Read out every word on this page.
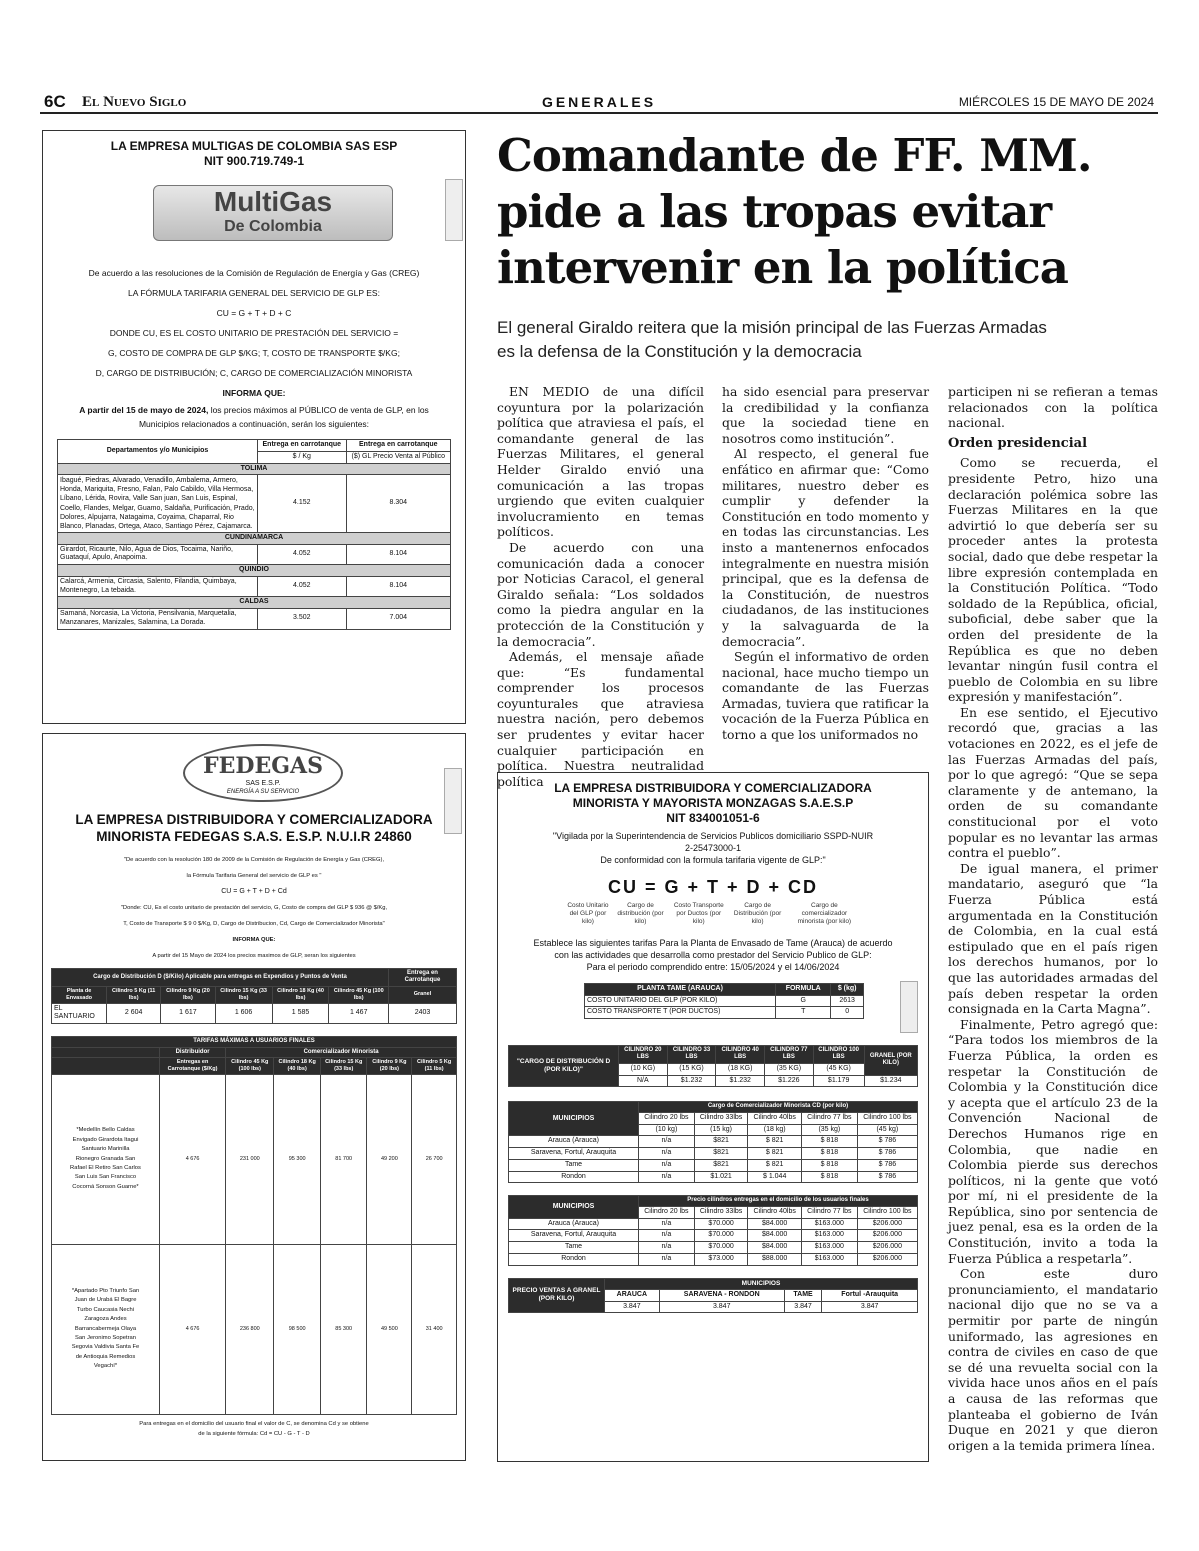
6C El Nuevo Siglo	GENERALES	MIÉRCOLES 15 DE MAYO DE 2024
LA EMPRESA MULTIGAS DE COLOMBIA SAS ESP
NIT 900.719.749-1
MultiGas
De Colombia
De acuerdo a las resoluciones de la Comisión de Regulación de Energía y Gas (CREG)
LA FÓRMULA TARIFARIA GENERAL DEL SERVICIO DE GLP ES:
CU = G + T + D + C
DONDE CU, ES EL COSTO UNITARIO DE PRESTACIÓN DEL SERVICIO =
G, COSTO DE COMPRA DE GLP $/KG; T, COSTO DE TRANSPORTE $/KG;
D, CARGO DE DISTRIBUCIÓN; C, CARGO DE COMERCIALIZACIÓN MINORISTA
INFORMA QUE:
A partir del 15 de mayo de 2024, los precios máximos al PÚBLICO de venta de GLP, en los Municipios relacionados a continuación, serán los siguientes:
Departamentos y/o Municipios	Entrega en carrotanque	Entrega en carrotanque
	$ / Kg	($) GL Precio Venta al Público
TOLIMA		
Ibagué, Piedras, Alvarado, Venadillo, Ambalema, Armero, Honda, Mariquita, Fresno, Falan, Palo Cabildo, Villa Hermosa, Líbano, Lérida, Rovira, Valle San juan, San Luis, Espinal, Coello, Flandes, Melgar, Guamo, Saldaña, Purificación, Prado, Dolores, Alpujarra, Natagaima, Coyaima, Chaparral, Rio Blanco, Planadas, Ortega, Ataco, Santiago Pérez, Cajamarca.	4.152	8.304
CUNDINAMARCA		
Girardot, Ricaurte, Nilo, Agua de Dios, Tocaima, Nariño, Guataquí, Apulo, Anapoima.	4.052	8.104
QUINDIO		
Calarcá, Armenia, Circasia, Salento, Filandia, Quimbaya, Montenegro, La tebaida.	4.052	8.104
CALDAS		
Samaná, Norcasia, La Victoria, Pensilvania, Marquetalia, Manzanares, Manizales, Salamina, La Dorada.	3.502	7.004
FEDEGAS
SAS E.S.P.
ENERGÍA A SU SERVICIO
LA EMPRESA DISTRIBUIDORA Y COMERCIALIZADORA
MINORISTA FEDEGAS S.A.S. E.S.P. N.U.I.R 24860
"De acuerdo con la resolución 180 de 2009 de la Comisión de Regulación de Energía y Gas (CREG),
la Fórmula Tarifaria General del servicio de GLP es "
CU = G + T + D + Cd
"Donde: CU, Es el costo unitario de prestación del servicio, G, Costo de compra del GLP $ 936 @ $/Kg,
T, Costo de Transporte $ 9 0 $/Kg, D, Cargo de Distribucion, Cd, Cargo de Comercializador Minorista"
INFORMA QUE:
A partir del 15 Mayo de 2024 los precios maximos de GLP, seran los siguientes
Cargo de Distribución D ($/Kilo) Aplicable para entregas en Expendios y Puntos de Venta						Entrega en Carrotanque
Planta de Envasado	Cilindro 5 Kg (11 lbs)	Cilindro 9 Kg (20 lbs)	Cilindro 15 Kg (33 lbs)	Cilindro 18 Kg (40 lbs)	Cilindro 45 Kg (100 lbs)	Granel
EL SANTUARIO	2 604	1 617	1 606	1 585	1 467	2403
TARIFAS MÁXIMAS A USUARIOS FINALES						
	Distribuidor	Comercializador Minorista				
	Entregas en Carrotanque ($/Kg)	Cilindro 45 Kg (100 lbs)	Cilindro 18 Kg (40 lbs)	Cilindro 15 Kg (33 lbs)	Cilindro 9 Kg (20 lbs)	Cilindro 5 Kg (11 lbs)
*Medellín Bello Caldas Envigado Girardota Itagui Santuario Marinilla Rionegro Granada San Rafael El Retiro San Carlos San Luis San Francisco Cocorná Sonson Guarne*	4 676	231 000	95 300	81 700	49 200	26 700
*Apartado Pto Triunfo San Juan de Urabá El Bagre Turbo Caucasia Nechi Zaragoza Andes Barrancabermeja Olaya San Jeronimo Sopetran Segovia Valdivia Santa Fe de Antioquia Remedios Vegachí*	4 676	236 800	98 500	85 300	49 500	31 400
Para entregas en el domicilio del usuario final el valor de C, se denomina Cd y se obtiene
de la siguiente fórmula: Cd = CU - G - T - D
Comandante de FF. MM.
pide a las tropas evitar
intervenir en la política
El general Giraldo reitera que la misión principal de las Fuerzas Armadas
es la defensa de la Constitución y la democracia

EN MEDIO de una difícil coyuntura por la polarización política que atraviesa el país, el comandante general de las Fuerzas Militares, el general Helder Giraldo envió una comunicación a las tropas urgiendo que eviten cualquier involucramiento en temas políticos.

De acuerdo con una comunicación dada a conocer por Noticias Caracol, el general Giraldo señala: “Los soldados como la piedra angular en la protección de la Constitución y la democracia”.

Además, el mensaje añade que: “Es fundamental comprender los procesos coyunturales que atraviesa nuestra nación, pero debemos ser prudentes y evitar hacer cualquier participación en política. Nuestra neutralidad política

ha sido esencial para preservar la credibilidad y la confianza que la sociedad tiene en nosotros como institución”.

Al respecto, el general fue enfático en afirmar que: “Como militares, nuestro deber es cumplir y defender la Constitución en todo momento y en todas las circunstancias. Les insto a mantenernos enfocados integralmente en nuestra misión principal, que es la defensa de la Constitución, de nuestros ciudadanos, de las instituciones y la salvaguarda de la democracia”.

Según el informativo de orden nacional, hace mucho tiempo un comandante de las Fuerzas Armadas, tuviera que ratificar la vocación de la Fuerza Pública en torno a que los uniformados no

participen ni se refieran a temas relacionados con la política nacional.

Orden presidencial

Como se recuerda, el presidente Petro, hizo una declaración polémica sobre las Fuerzas Militares en la que advirtió lo que debería ser su proceder antes la protesta social, dado que debe respetar la libre expresión contemplada en la Constitución Política. “Todo soldado de la República, oficial, suboficial, debe saber que la orden del presidente de la República es que no deben levantar ningún fusil contra el pueblo de Colombia en su libre expresión y manifestación”.

En ese sentido, el Ejecutivo recordó que, gracias a las votaciones en 2022, es el jefe de las Fuerzas Armadas del país, por lo que agregó: “Que se sepa claramente y de antemano, la orden de su comandante constitucional por el voto popular es no levantar las armas contra el pueblo”.

De igual manera, el primer mandatario, aseguró que “la Fuerza Pública está argumentada en la Constitución de Colombia, en la cual está estipulado que en el país rigen los derechos humanos, por lo que las autoridades armadas del país deben respetar la orden consignada en la Carta Magna”.

Finalmente, Petro agregó que: “Para todos los miembros de la Fuerza Pública, la orden es respetar la Constitución de Colombia y la Constitución dice y acepta que el artículo 23 de la Convención Nacional de Derechos Humanos rige en Colombia, que nadie en Colombia pierde sus derechos políticos, ni la gente que votó por mí, ni el presidente de la República, sino por sentencia de juez penal, esa es la orden de la Constitución, invito a toda la Fuerza Pública a respetarla”.

Con este duro pronunciamiento, el mandatario nacional dijo que no se va a permitir por parte de ningún uniformado, las agresiones en contra de civiles en caso de que se dé una revuelta social con la vivida hace unos años en el país a causa de las reformas que planteaba el gobierno de Iván Duque en 2021 y que dieron origen a la temida primera línea.

LA EMPRESA DISTRIBUIDORA Y COMERCIALIZADORA
MINORISTA Y MAYORISTA MONZAGAS S.A.E.S.P
NIT 834001051-6
"Vigilada por la Superintendencia de Servicios Publicos domiciliario SSPD-NUIR
2-25473000-1
De conformidad con la formula tarifaria vigente de GLP:"
CU = G + T + D + CD
Costo Unitario del GLP (por kilo)	Cargo de distribución (por kilo)	Costo Transporte por Ductos (por kilo)	Cargo de Distribución (por kilo)	Cargo de comercializador minorista (por kilo)
Establece las siguientes tarifas Para la Planta de Envasado de Tame (Arauca) de acuerdo
con las actividades que desarrolla como prestador del Servicio Publico de GLP:
Para el periodo comprendido entre: 15/05/2024 y el 14/06/2024
PLANTA TAME (ARAUCA)	FORMULA	$ (kg)
COSTO UNITARIO DEL GLP (POR KILO)	G	2613
COSTO TRANSPORTE T (POR DUCTOS)	T	0
"CARGO DE DISTRIBUCIÓN D (POR KILO)"	CILINDRO 20 LBS	CILINDRO 33 LBS	CILINDRO 40 LBS	CILINDRO 77 LBS	CILINDRO 100 LBS	GRANEL (POR KILO)
	(10 KG)	(15 KG)	(18 KG)	(35 KG)	(45 KG)	
	N/A	$1.232	$1.232	$1.226	$1.179	$1.234
MUNICIPIOS	Cargo de Comercializador Minorista CD (por kilo)				
	Cilindro 20 lbs	Cilindro 33lbs	Cilindro 40lbs	Cilindro 77 lbs	Cilindro 100 lbs
	(10 kg)	(15 kg)	(18 kg)	(35 kg)	(45 kg)
Arauca (Arauca)	n/a	$821	$ 821	$ 818	$ 786
Saravena, Fortul, Arauquita	n/a	$821	$ 821	$ 818	$ 786
Tame	n/a	$821	$ 821	$ 818	$ 786
Rondon	n/a	$1.021	$ 1.044	$ 818	$ 786
MUNICIPIOS	Precio cilindros entregas en el domicilio de los usuarios finales				
	Cilindro 20 lbs	Cilindro 33lbs	Cilindro 40lbs	Cilindro 77 lbs	Cilindro 100 lbs
Arauca (Arauca)	n/a	$70.000	$84.000	$163.000	$206.000
Saravena, Fortul, Arauquita	n/a	$70.000	$84.000	$163.000	$206.000
Tame	n/a	$70.000	$84.000	$163.000	$206.000
Rondon	n/a	$73.000	$88.000	$163.000	$206.000
PRECIO VENTAS A GRANEL (POR KILO)	MUNICIPIOS			
	ARAUCA	SARAVENA - RONDON	TAME	Fortul -Arauquita
	3.847	3.847	3.847	3.847
